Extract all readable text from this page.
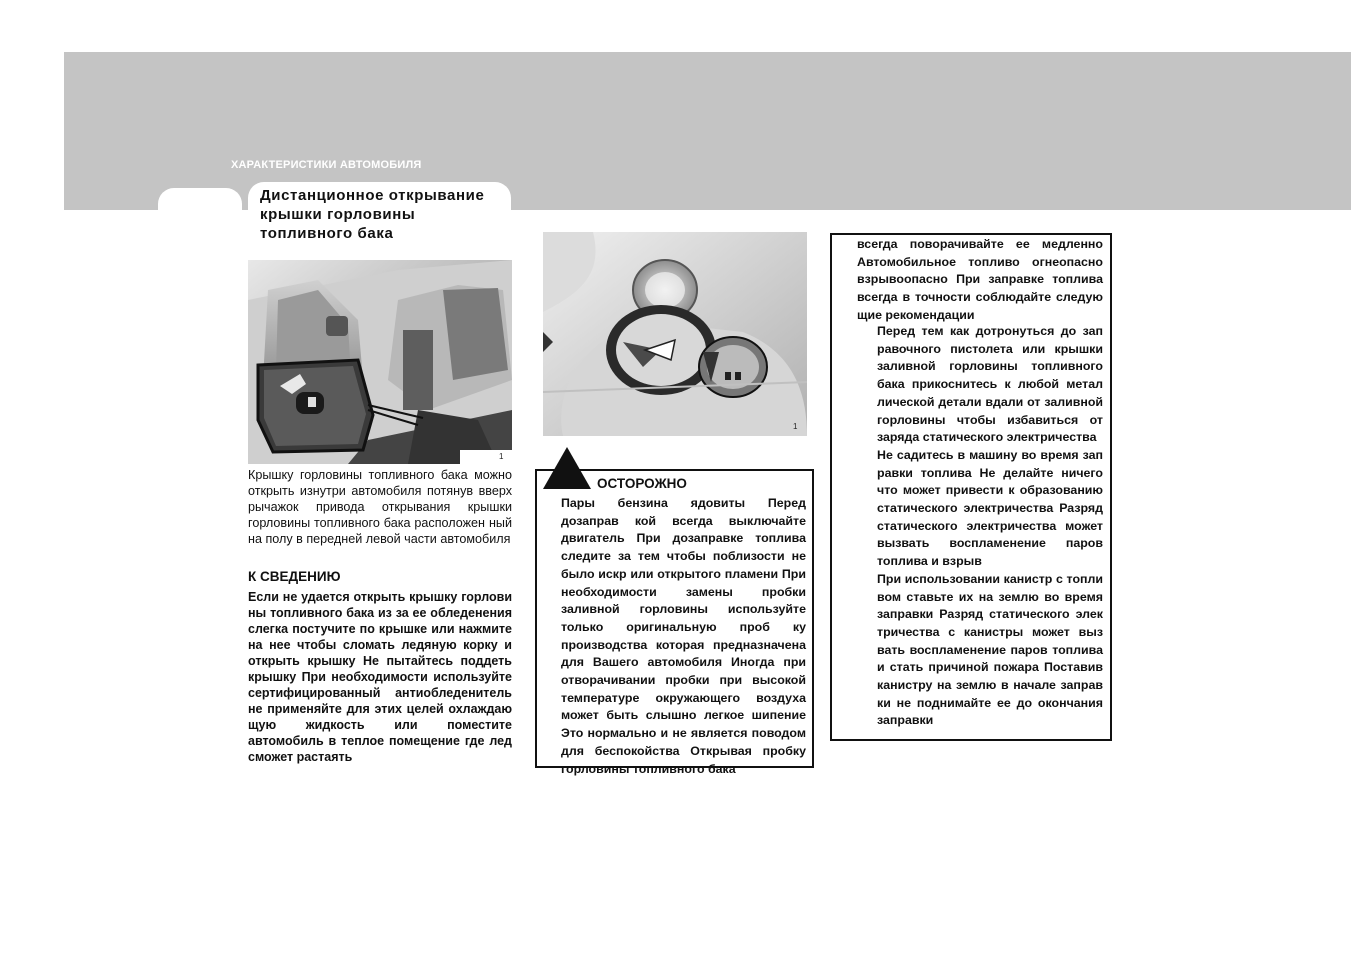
ХАРАКТЕРИСТИКИ АВТОМОБИЛЯ
Дистанционное открывание крышки горловины топливного бака
1

Крышку горловины топливного бака можно открыть изнутри автомобиля потянув вверх рычажок привода открывания крышки горловины топливного бака расположен ный на полу в передней левой части автомобиля

К СВЕДЕНИЮ

Если не удается открыть крышку горлови ны топливного бака из за ее обледенения слегка постучите по крышке или нажмите на нее чтобы сломать ледяную корку и открыть крышку Не пытайтесь поддеть крышку При необходимости используйте сертифицированный антиобледенитель не применяйте для этих целей охлаждаю щую жидкость или поместите автомобиль в теплое помещение где лед сможет растаять

1
ОСТОРОЖНО

Пары бензина ядовиты Перед дозаправ кой всегда выключайте двигатель При дозаправке топлива следите за тем чтобы поблизости не было искр или открытого пламени При необходимости замены пробки заливной горловины используйте только оригинальную проб ку производства которая предназначена для Вашего автомобиля Иногда при отворачивании пробки при высокой температуре окружающего воздуха может быть слышно легкое шипение Это нормально и не является поводом для беспокойства Открывая пробку горловины топливного бака

всегда поворачивайте ее медленно Автомобильное топливо огнеопасно взрывоопасно При заправке топлива всегда в точности соблюдайте следую щие рекомендации

Перед тем как дотронуться до зап равочного пистолета или крышки заливной горловины топливного бака прикоснитесь к любой метал лической детали вдали от заливной горловины чтобы избавиться от заряда статического электричества
Не садитесь в машину во время зап равки топлива Не делайте ничего что может привести к образованию статического электричества Разряд статического электричества может вызвать воспламенение паров топлива и взрыв
При использовании канистр с топли вом ставьте их на землю во время заправки Разряд статического элек тричества с канистры может выз вать воспламенение паров топлива и стать причиной пожара Поставив канистру на землю в начале заправ ки не поднимайте ее до окончания заправки
